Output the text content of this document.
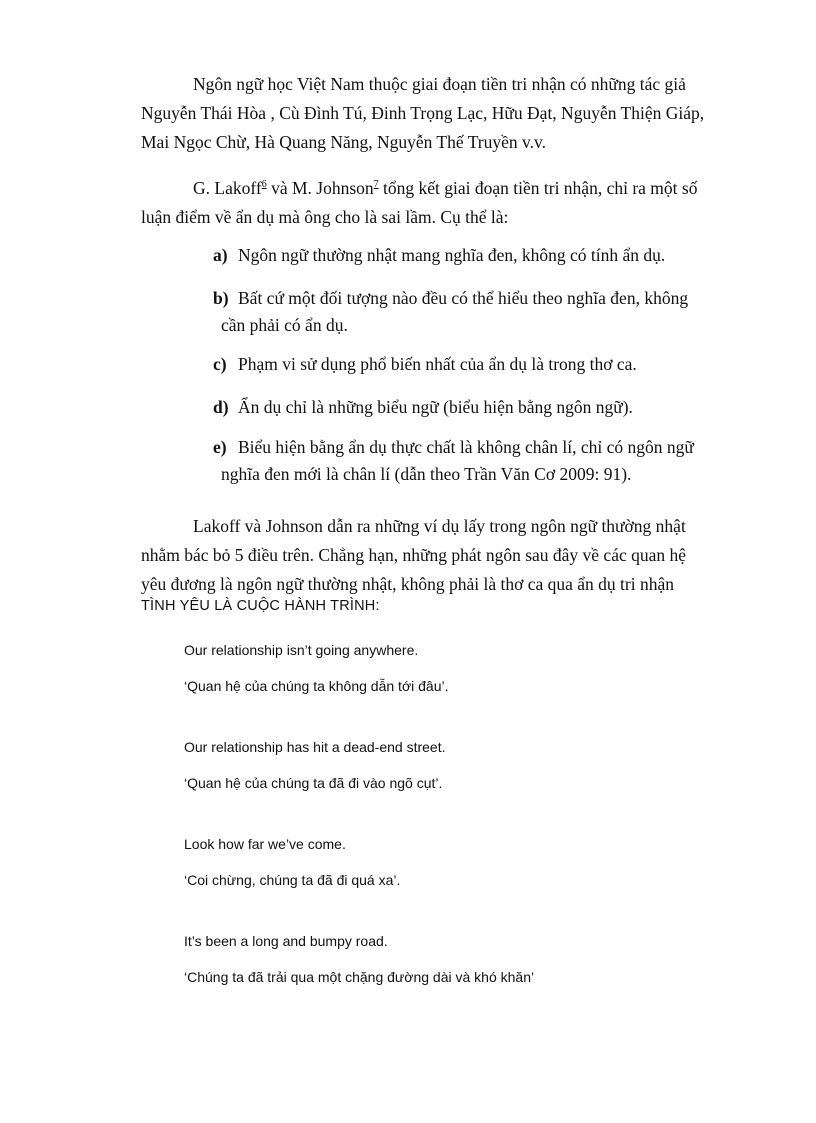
Ngôn ngữ học Việt Nam thuộc giai đoạn tiền tri nhận có những tác giả
Nguyễn Thái Hòa , Cù Đình Tú, Đinh Trọng Lạc, Hữu Đạt, Nguyễn Thiện Giáp,
Mai Ngọc Chừ, Hà Quang Năng, Nguyễn Thế Truyền v.v.

G. Lakoff$^6$ và M. Johnson$^7$ tổng kết giai đoạn tiền tri nhận, chỉ ra một số
luận điểm về ẩn dụ mà ông cho là sai lầm. Cụ thể là:

a) Ngôn ngữ thường nhật mang nghĩa đen, không có tính ẩn dụ.

b) Bất cứ một đối tượng nào đều có thể hiểu theo nghĩa đen, không
cần phải có ẩn dụ.

c) Phạm vi sử dụng phổ biến nhất của ẩn dụ là trong thơ ca.

d) Ẩn dụ chỉ là những biểu ngữ (biểu hiện bằng ngôn ngữ).

e) Biểu hiện bằng ẩn dụ thực chất là không chân lí, chỉ có ngôn ngữ
nghĩa đen mới là chân lí (dẫn theo Trần Văn Cơ 2009: 91).

Lakoff và Johnson dẫn ra những ví dụ lấy trong ngôn ngữ thường nhật
nhằm bác bỏ 5 điều trên. Chẳng hạn, những phát ngôn sau đây về các quan hệ
yêu đương là ngôn ngữ thường nhật, không phải là thơ ca qua ẩn dụ tri nhận

TÌNH YÊU LÀ CUỘC HÀNH TRÌNH:
Our relationship isn’t going anywhere.
‘Quan hệ của chúng ta không dẫn tới đâu’.
Our relationship has hit a dead-end street.
‘Quan hệ của chúng ta đã đi vào ngõ cụt’.
Look how far we’ve come.
‘Coi chừng, chúng ta đã đi quá xa’.
It’s been a long and bumpy road.
‘Chúng ta đã trải qua một chặng đường dài và khó khăn’
